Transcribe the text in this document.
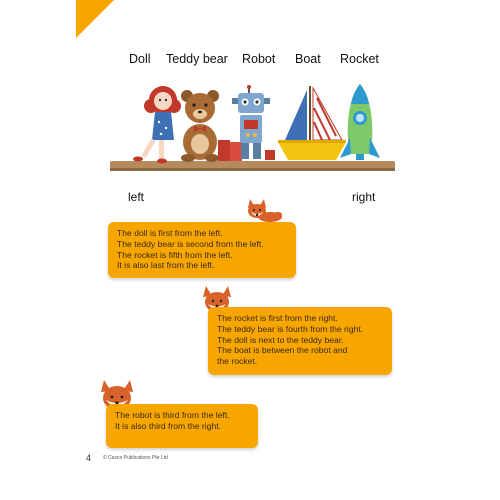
Doll Teddy bear Robot Boat Rocket
left	right
The doll is first from the left.
The teddy bear is second from the left.
The rocket is fifth from the left.
It is also last from the left.
The rocket is first from the right.
The teddy bear is fourth from the right.
The doll is next to the teddy bear.
The boat is between the robot and
the rocket.
The robot is third from the left.
It is also third from the right.
4 © Casco Publications Pte Ltd
